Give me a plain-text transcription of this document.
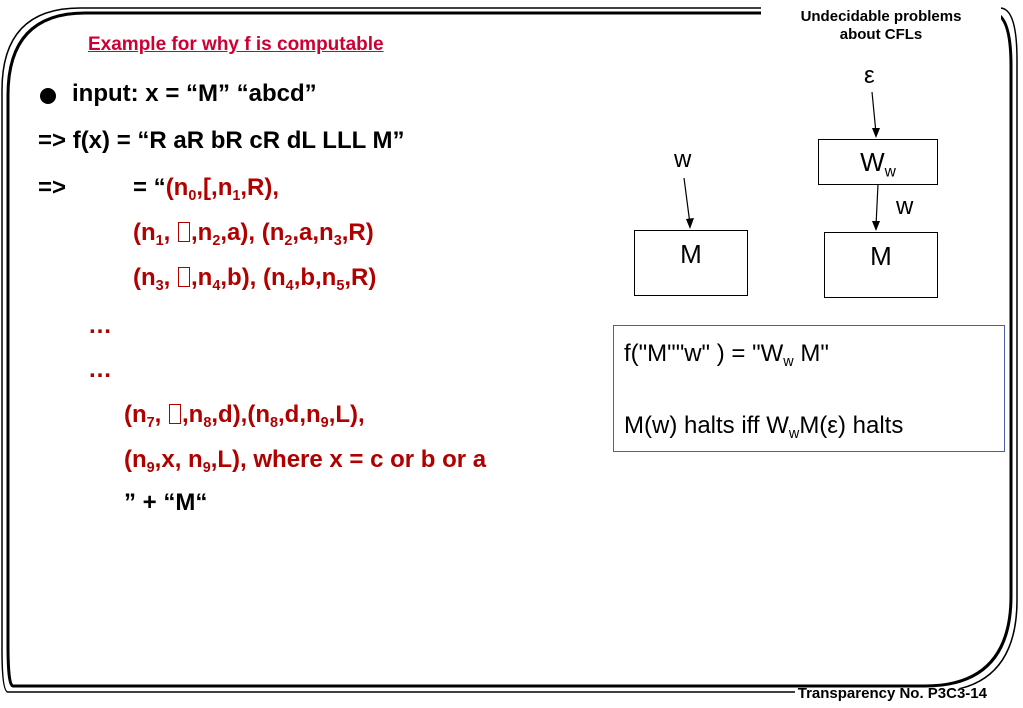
Undecidable problems
about CFLs
Transparency No. P3C3-14
Example for why f is computable
input: x = “M” “abcd”
=> f(x) = “R aR bR cR dL LLL M”
=>	= “($n_0,[,n_1,R)$,
($n_1$, $,n_2,a$), $(n_2,a,n_3,R)$
($n_3$, $,n_4,b$), $(n_4,b,n_5,R)$
…
…
($n_7$, $,n_8,d),(n_8,d,n_9,L)$,
($n_9,x$, $n_9,L$), where x = c or b or a
” + “M“
w
M
ε
$W_w$
w
M
f("M""w" ) = "$W_w$ M"
M(w) halts iff $W_wM(\varepsilon)$ halts
